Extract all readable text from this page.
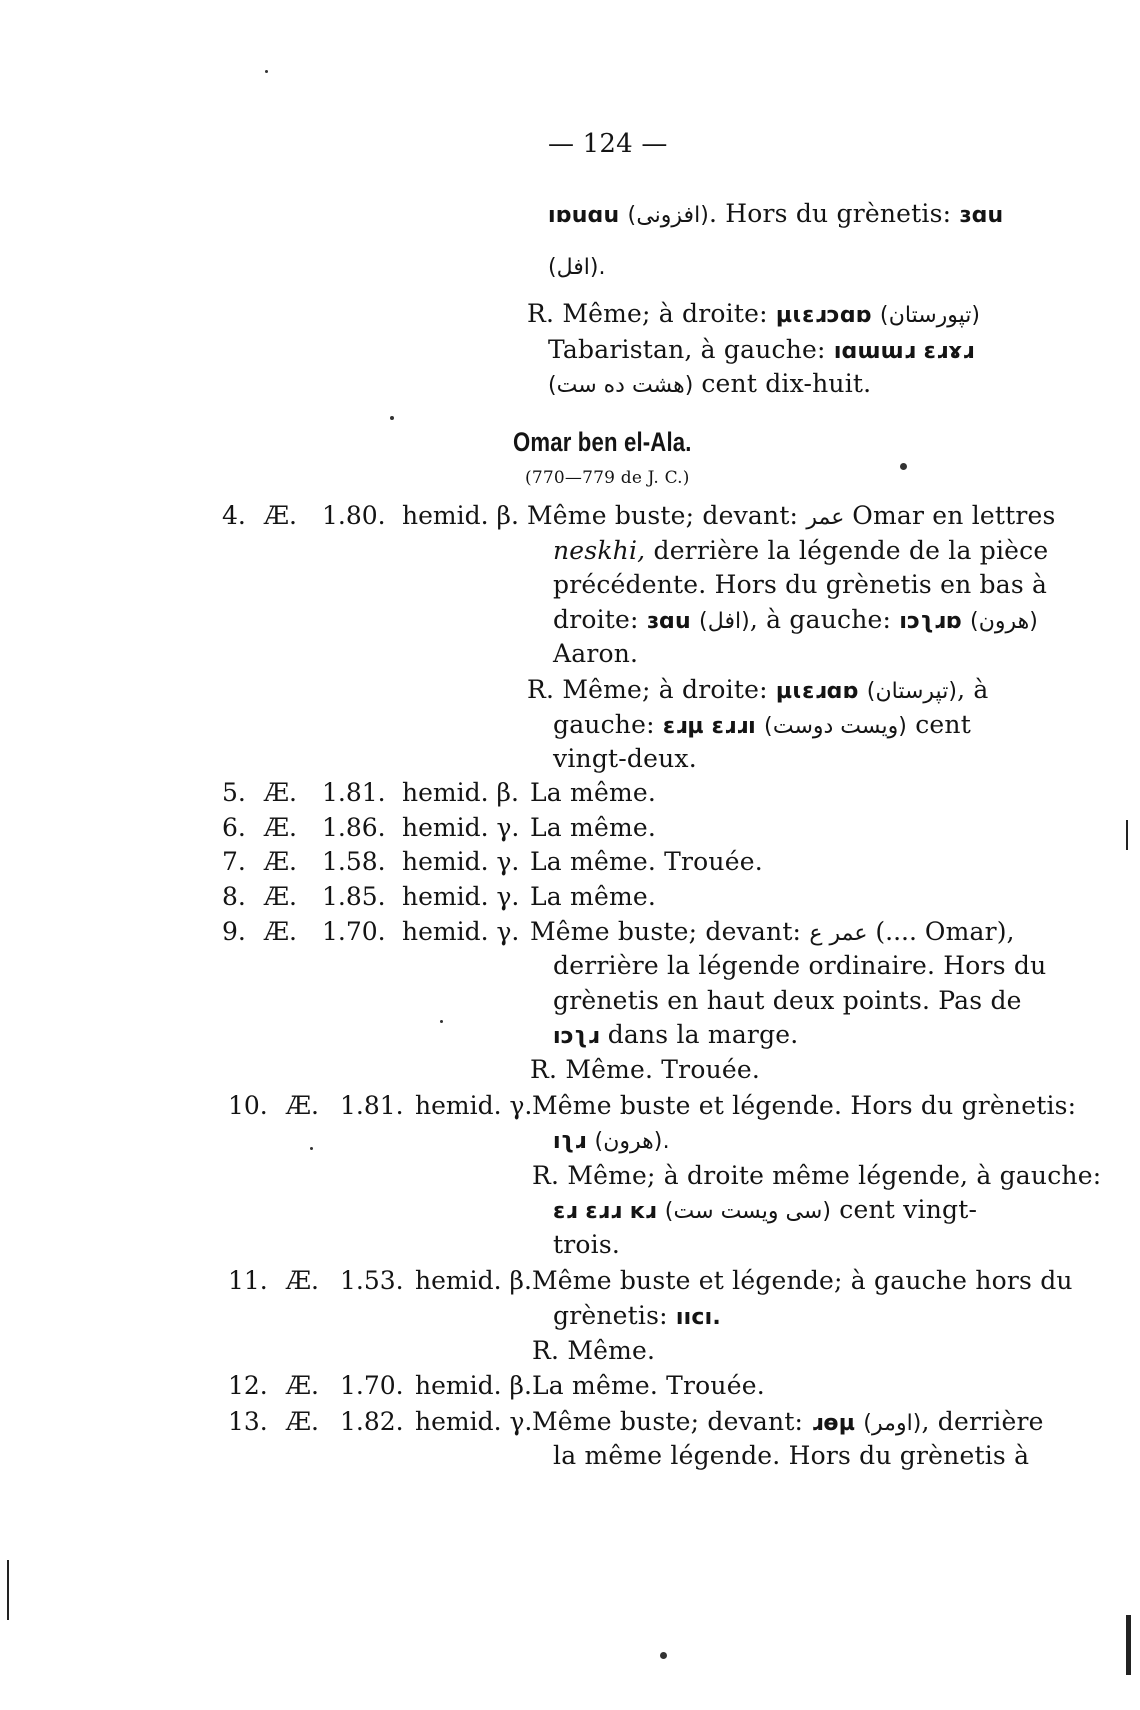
— 124 —
ıɒuɑu (افزونی). Hors du grènetis: ɜɑu
(افل).
R. Même; à droite: µɩɛɹɔɑɒ (تپورستان)
Tabaristan, à gauche: ıɑɯɯɹ ɛɹɤɹ
(هشت ده ست) cent dix-huit.
Omar ben el-Ala.
(770—779 de J. C.)
4. Æ. 1.80. hemid. β. Même buste; devant: عمر Omar en lettres
neskhi, derrière la légende de la pièce
précédente. Hors du grènetis en bas à
droite: ɜɑu (افل), à gauche: ıɔʅɹɒ (هرون)
Aaron.
R. Même; à droite: µɩɛɹɑɒ (تپرستان), à
gauche: ɛɹµ ɛɹɹı (ویست دوست) cent
vingt-deux.
5. Æ. 1.81. hemid. β. La même.
6. Æ. 1.86. hemid. γ. La même.
7. Æ. 1.58. hemid. γ. La même. Trouée.
8. Æ. 1.85. hemid. γ. La même.
9. Æ. 1.70. hemid. γ. Même buste; devant: عمر ع (.... Omar),
derrière la légende ordinaire. Hors du
grènetis en haut deux points. Pas de
ıɔʅɹ dans la marge.
R. Même. Trouée.
10. Æ. 1.81. hemid. γ. Même buste et légende. Hors du grènetis:
ıʅɹ (هرون).
R. Même; à droite même légende, à gauche:
ɛɹ ɛɹɹ ĸɹ (سی ویست ست) cent vingt-
trois.
11. Æ. 1.53. hemid. β. Même buste et légende; à gauche hors du
grènetis: ııcı.
R. Même.
12. Æ. 1.70. hemid. β. La même. Trouée.
13. Æ. 1.82. hemid. γ. Même buste; devant: ɹɵµ (اومر), derrière
la même légende. Hors du grènetis à
